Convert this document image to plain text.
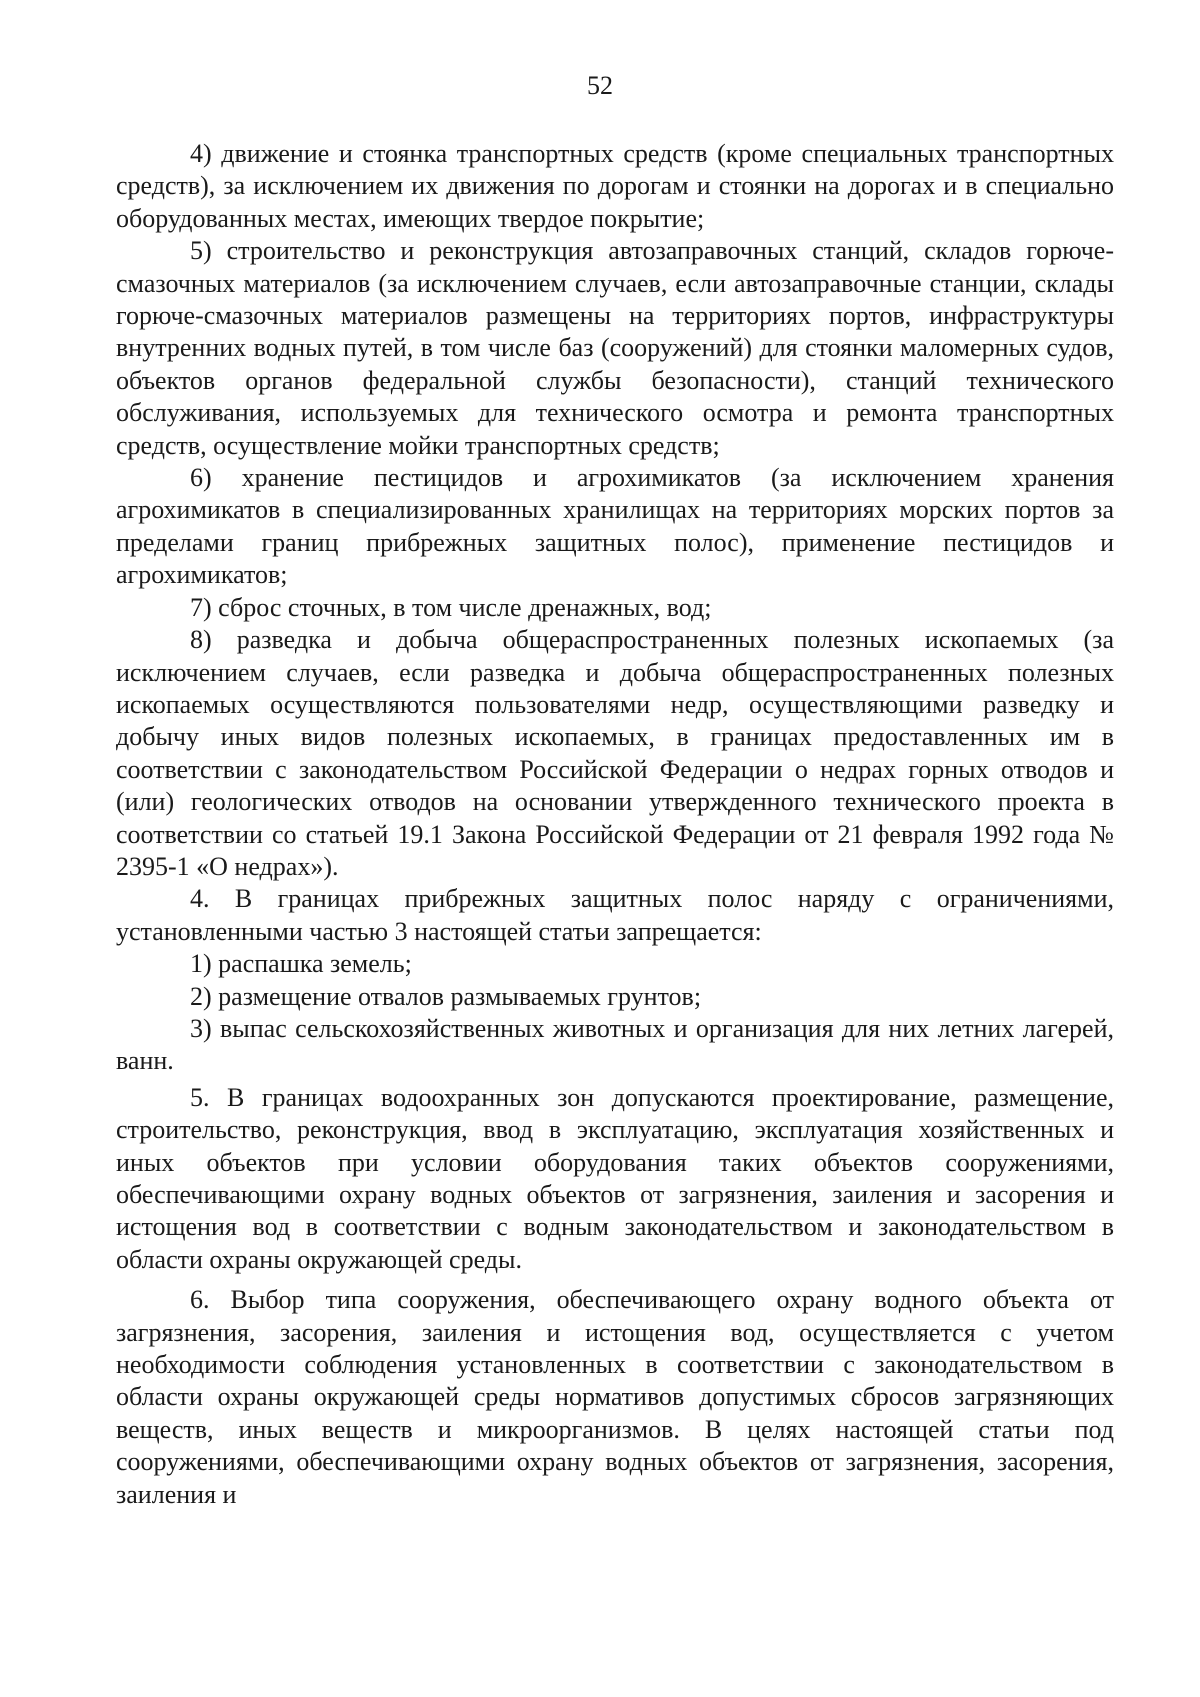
52

4) движение и стоянка транспортных средств (кроме специальных транспортных средств), за исключением их движения по дорогам и стоянки на дорогах и в специально оборудованных местах, имеющих твердое покрытие;

5) строительство и реконструкция автозаправочных станций, складов горюче-смазочных материалов (за исключением случаев, если автозаправочные станции, склады горюче-смазочных материалов размещены на территориях портов, инфраструктуры внутренних водных путей, в том числе баз (сооружений) для стоянки маломерных судов, объектов органов федеральной службы безопасности), станций технического обслуживания, используемых для технического осмотра и ремонта транспортных средств, осуществление мойки транспортных средств;

6) хранение пестицидов и агрохимикатов (за исключением хранения агрохимикатов в специализированных хранилищах на территориях морских портов за пределами границ прибрежных защитных полос), применение пестицидов и агрохимикатов;

7) сброс сточных, в том числе дренажных, вод;

8) разведка и добыча общераспространенных полезных ископаемых (за исключением случаев, если разведка и добыча общераспространенных полезных ископаемых осуществляются пользователями недр, осуществляющими разведку и добычу иных видов полезных ископаемых, в границах предоставленных им в соответствии с законодательством Российской Федерации о недрах горных отводов и (или) геологических отводов на основании утвержденного технического проекта в соответствии со статьей 19.1 Закона Российской Федерации от 21 февраля 1992 года № 2395-1 «О недрах»).

4. В границах прибрежных защитных полос наряду с ограничениями, установленными частью 3 настоящей статьи запрещается:

1) распашка земель;

2) размещение отвалов размываемых грунтов;

3) выпас сельскохозяйственных животных и организация для них летних лагерей, ванн.

5. В границах водоохранных зон допускаются проектирование, размещение, строительство, реконструкция, ввод в эксплуатацию, эксплуатация хозяйственных и иных объектов при условии оборудования таких объектов сооружениями, обеспечивающими охрану водных объектов от загрязнения, заиления и засорения и истощения вод в соответствии с водным законодательством и законодательством в области охраны окружающей среды.

6. Выбор типа сооружения, обеспечивающего охрану водного объекта от загрязнения, засорения, заиления и истощения вод, осуществляется с учетом необходимости соблюдения установленных в соответствии с законодательством в области охраны окружающей среды нормативов допустимых сбросов загрязняющих веществ, иных веществ и микроорганизмов. В целях настоящей статьи под сооружениями, обеспечивающими охрану водных объектов от загрязнения, засорения, заиления и
